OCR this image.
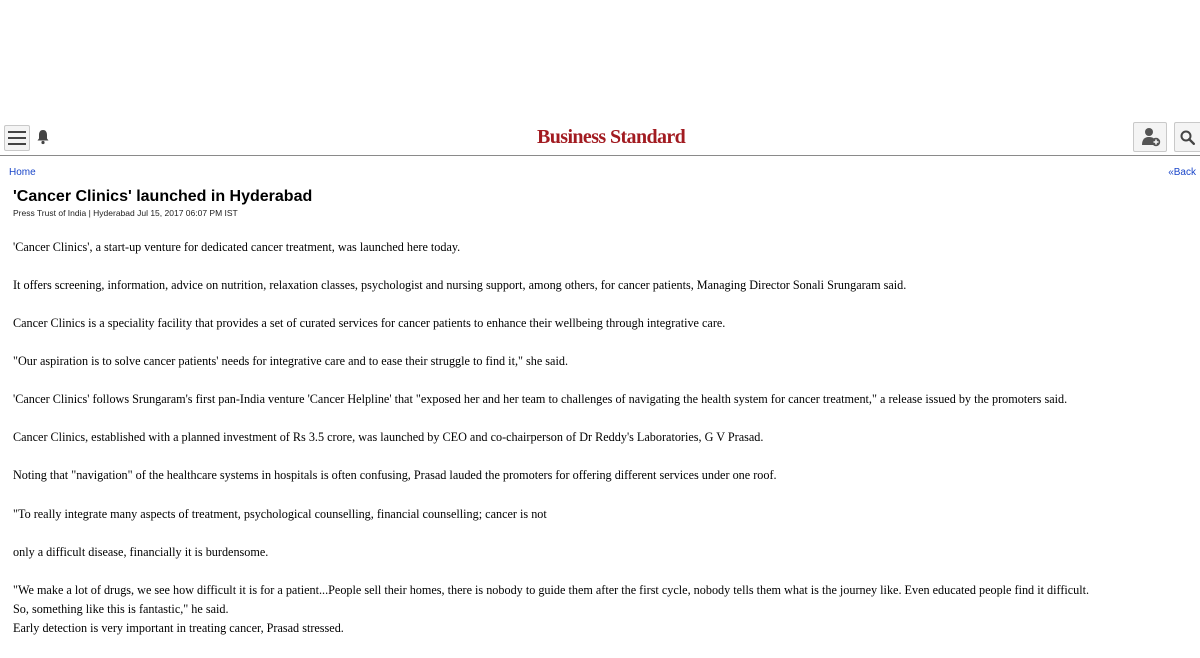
Business Standard
Home	«Back
'Cancer Clinics' launched in Hyderabad
Press Trust of India | Hyderabad Jul 15, 2017 06:07 PM IST

'Cancer Clinics', a start-up venture for dedicated cancer treatment, was launched here today.

It offers screening, information, advice on nutrition, relaxation classes, psychologist and nursing support, among others, for cancer patients, Managing Director Sonali Srungaram said.

Cancer Clinics is a speciality facility that provides a set of curated services for cancer patients to enhance their wellbeing through integrative care.

"Our aspiration is to solve cancer patients' needs for integrative care and to ease their struggle to find it," she said.

'Cancer Clinics' follows Srungaram's first pan-India venture 'Cancer Helpline' that "exposed her and her team to challenges of navigating the health system for cancer treatment," a release issued by the promoters said.

Cancer Clinics, established with a planned investment of Rs 3.5 crore, was launched by CEO and co-chairperson of Dr Reddy's Laboratories, G V Prasad.

Noting that "navigation" of the healthcare systems in hospitals is often confusing, Prasad lauded the promoters for offering different services under one roof.

"To really integrate many aspects of treatment, psychological counselling, financial counselling; cancer is not

only a difficult disease, financially it is burdensome.

"We make a lot of drugs, we see how difficult it is for a patient...People sell their homes, there is nobody to guide them after the first cycle, nobody tells them what is the journey like. Even educated people find it difficult.

So, something like this is fantastic," he said.

Early detection is very important in treating cancer, Prasad stressed.
